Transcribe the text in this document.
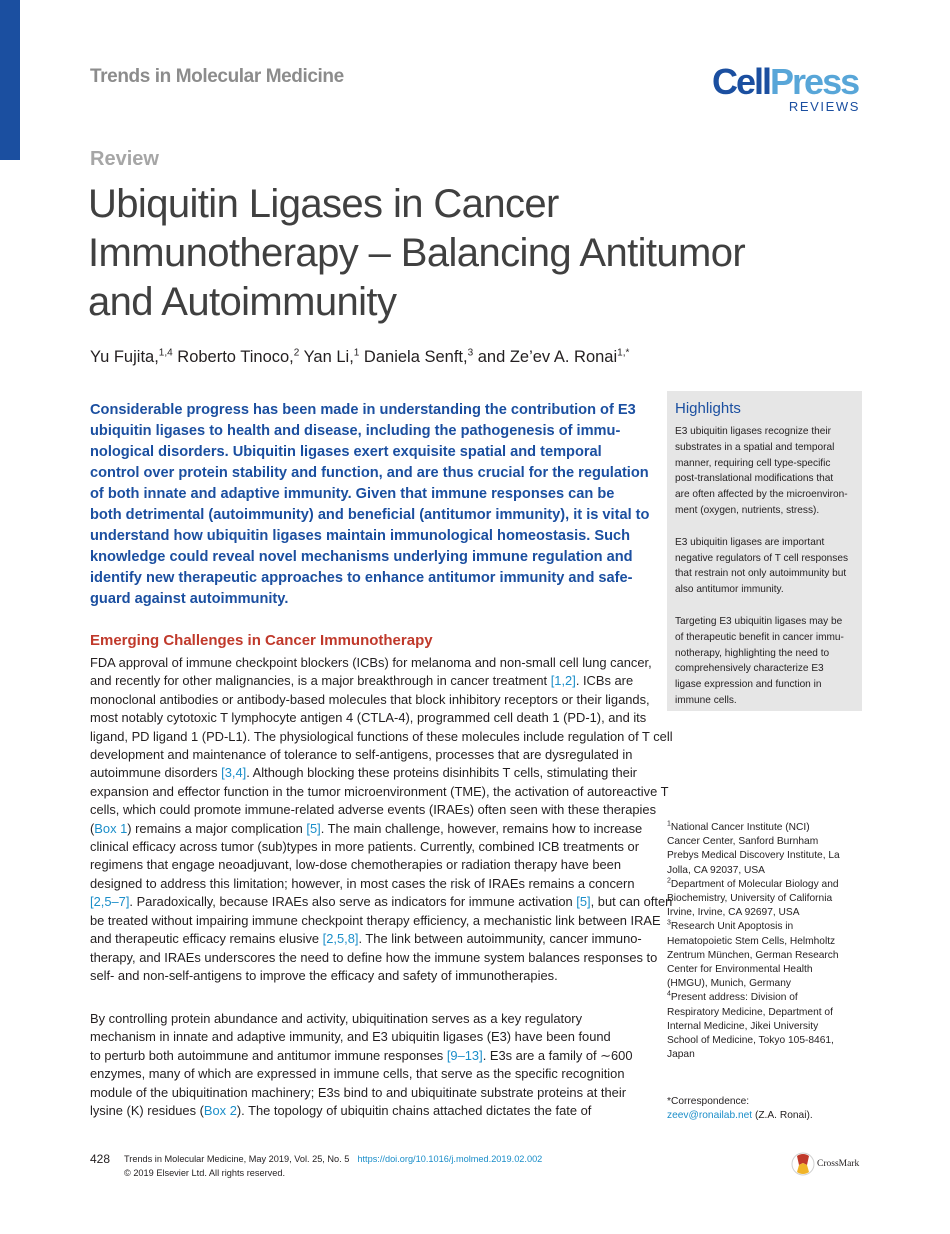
Trends in Molecular Medicine	CellPress
REVIEWS
Review
Ubiquitin Ligases in Cancer
Immunotherapy – Balancing Antitumor
and Autoimmunity
Yu Fujita,$^{1,4}$ Roberto Tinoco,$^2$ Yan Li,$^1$ Daniela Senft,$^3$ and Ze’ev A. Ronai$^{1,*}$
Considerable progress has been made in understanding the contribution of E3
ubiquitin ligases to health and disease, including the pathogenesis of immu-
nological disorders. Ubiquitin ligases exert exquisite spatial and temporal
control over protein stability and function, and are thus crucial for the regulation
of both innate and adaptive immunity. Given that immune responses can be
both detrimental (autoimmunity) and beneficial (antitumor immunity), it is vital to
understand how ubiquitin ligases maintain immunological homeostasis. Such
knowledge could reveal novel mechanisms underlying immune regulation and
identify new therapeutic approaches to enhance antitumor immunity and safe-
guard against autoimmunity.
Highlights
E3 ubiquitin ligases recognize their
substrates in a spatial and temporal
manner, requiring cell type-specific
post-translational modifications that
are often affected by the microenviron-
ment (oxygen, nutrients, stress).
E3 ubiquitin ligases are important
negative regulators of T cell responses
that restrain not only autoimmunity but
also antitumor immunity.
Targeting E3 ubiquitin ligases may be
of therapeutic benefit in cancer immu-
notherapy, highlighting the need to
comprehensively characterize E3
ligase expression and function in
immune cells.
Emerging Challenges in Cancer Immunotherapy
FDA approval of immune checkpoint blockers (ICBs) for melanoma and non-small cell lung cancer,
and recently for other malignancies, is a major breakthrough in cancer treatment [1,2]. ICBs are
monoclonal antibodies or antibody-based molecules that block inhibitory receptors or their ligands,
most notably cytotoxic T lymphocyte antigen 4 (CTLA-4), programmed cell death 1 (PD-1), and its
ligand, PD ligand 1 (PD-L1). The physiological functions of these molecules include regulation of T cell
development and maintenance of tolerance to self-antigens, processes that are dysregulated in
autoimmune disorders [3,4]. Although blocking these proteins disinhibits T cells, stimulating their
expansion and effector function in the tumor microenvironment (TME), the activation of autoreactive T
cells, which could promote immune-related adverse events (IRAEs) often seen with these therapies
(Box 1) remains a major complication [5]. The main challenge, however, remains how to increase
clinical efficacy across tumor (sub)types in more patients. Currently, combined ICB treatments or
regimens that engage neoadjuvant, low-dose chemotherapies or radiation therapy have been
designed to address this limitation; however, in most cases the risk of IRAEs remains a concern
[2,5–7]. Paradoxically, because IRAEs also serve as indicators for immune activation [5], but can often
be treated without impairing immune checkpoint therapy efficiency, a mechanistic link between IRAE
and therapeutic efficacy remains elusive [2,5,8]. The link between autoimmunity, cancer immuno-
therapy, and IRAEs underscores the need to define how the immune system balances responses to
self- and non-self-antigens to improve the efficacy and safety of immunotherapies.
By controlling protein abundance and activity, ubiquitination serves as a key regulatory
mechanism in innate and adaptive immunity, and E3 ubiquitin ligases (E3) have been found
to perturb both autoimmune and antitumor immune responses [9–13]. E3s are a family of ∼600
enzymes, many of which are expressed in immune cells, that serve as the specific recognition
module of the ubiquitination machinery; E3s bind to and ubiquitinate substrate proteins at their
lysine (K) residues (Box 2). The topology of ubiquitin chains attached dictates the fate of
$^1$National Cancer Institute (NCI)
Cancer Center, Sanford Burnham
Prebys Medical Discovery Institute, La
Jolla, CA 92037, USA
$^2$Department of Molecular Biology and
Biochemistry, University of California
Irvine, Irvine, CA 92697, USA
$^3$Research Unit Apoptosis in
Hematopoietic Stem Cells, Helmholtz
Zentrum München, German Research
Center for Environmental Health
(HMGU), Munich, Germany
$^4$Present address: Division of
Respiratory Medicine, Department of
Internal Medicine, Jikei University
School of Medicine, Tokyo 105-8461,
Japan
*Correspondence:
zeev@ronailab.net (Z.A. Ronai).
428 Trends in Molecular Medicine, May 2019, Vol. 25, No. 5 https://doi.org/10.1016/j.molmed.2019.02.002
© 2019 Elsevier Ltd. All rights reserved.
CrossMark
